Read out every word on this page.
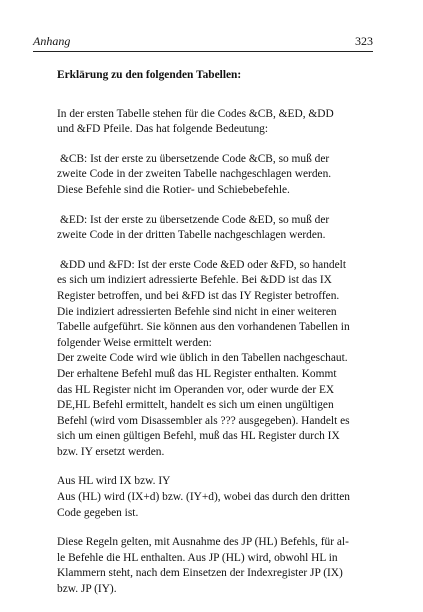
Anhang	323
Erklärung zu den folgenden Tabellen:
In der ersten Tabelle stehen für die Codes &CB, &ED, &DD
und &FD Pfeile. Das hat folgende Bedeutung:
&CB: Ist der erste zu übersetzende Code &CB, so muß der
zweite Code in der zweiten Tabelle nachgeschlagen werden.
Diese Befehle sind die Rotier- und Schiebebefehle.
&ED: Ist der erste zu übersetzende Code &ED, so muß der
zweite Code in der dritten Tabelle nachgeschlagen werden.
&DD und &FD: Ist der erste Code &ED oder &FD, so handelt
es sich um indiziert adressierte Befehle. Bei &DD ist das IX
Register betroffen, und bei &FD ist das IY Register betroffen.
Die indiziert adressierten Befehle sind nicht in einer weiteren
Tabelle aufgeführt. Sie können aus den vorhandenen Tabellen in
folgender Weise ermittelt werden:
Der zweite Code wird wie üblich in den Tabellen nachgeschaut.
Der erhaltene Befehl muß das HL Register enthalten. Kommt
das HL Register nicht im Operanden vor, oder wurde der EX
DE,HL Befehl ermittelt, handelt es sich um einen ungültigen
Befehl (wird vom Disassembler als ??? ausgegeben). Handelt es
sich um einen gültigen Befehl, muß das HL Register durch IX
bzw. IY ersetzt werden.
Aus HL wird IX bzw. IY
Aus (HL) wird (IX+d) bzw. (IY+d), wobei das durch den dritten
Code gegeben ist.
Diese Regeln gelten, mit Ausnahme des JP (HL) Befehls, für al-
le Befehle die HL enthalten. Aus JP (HL) wird, obwohl HL in
Klammern steht, nach dem Einsetzen der Indexregister JP (IX)
bzw. JP (IY).
